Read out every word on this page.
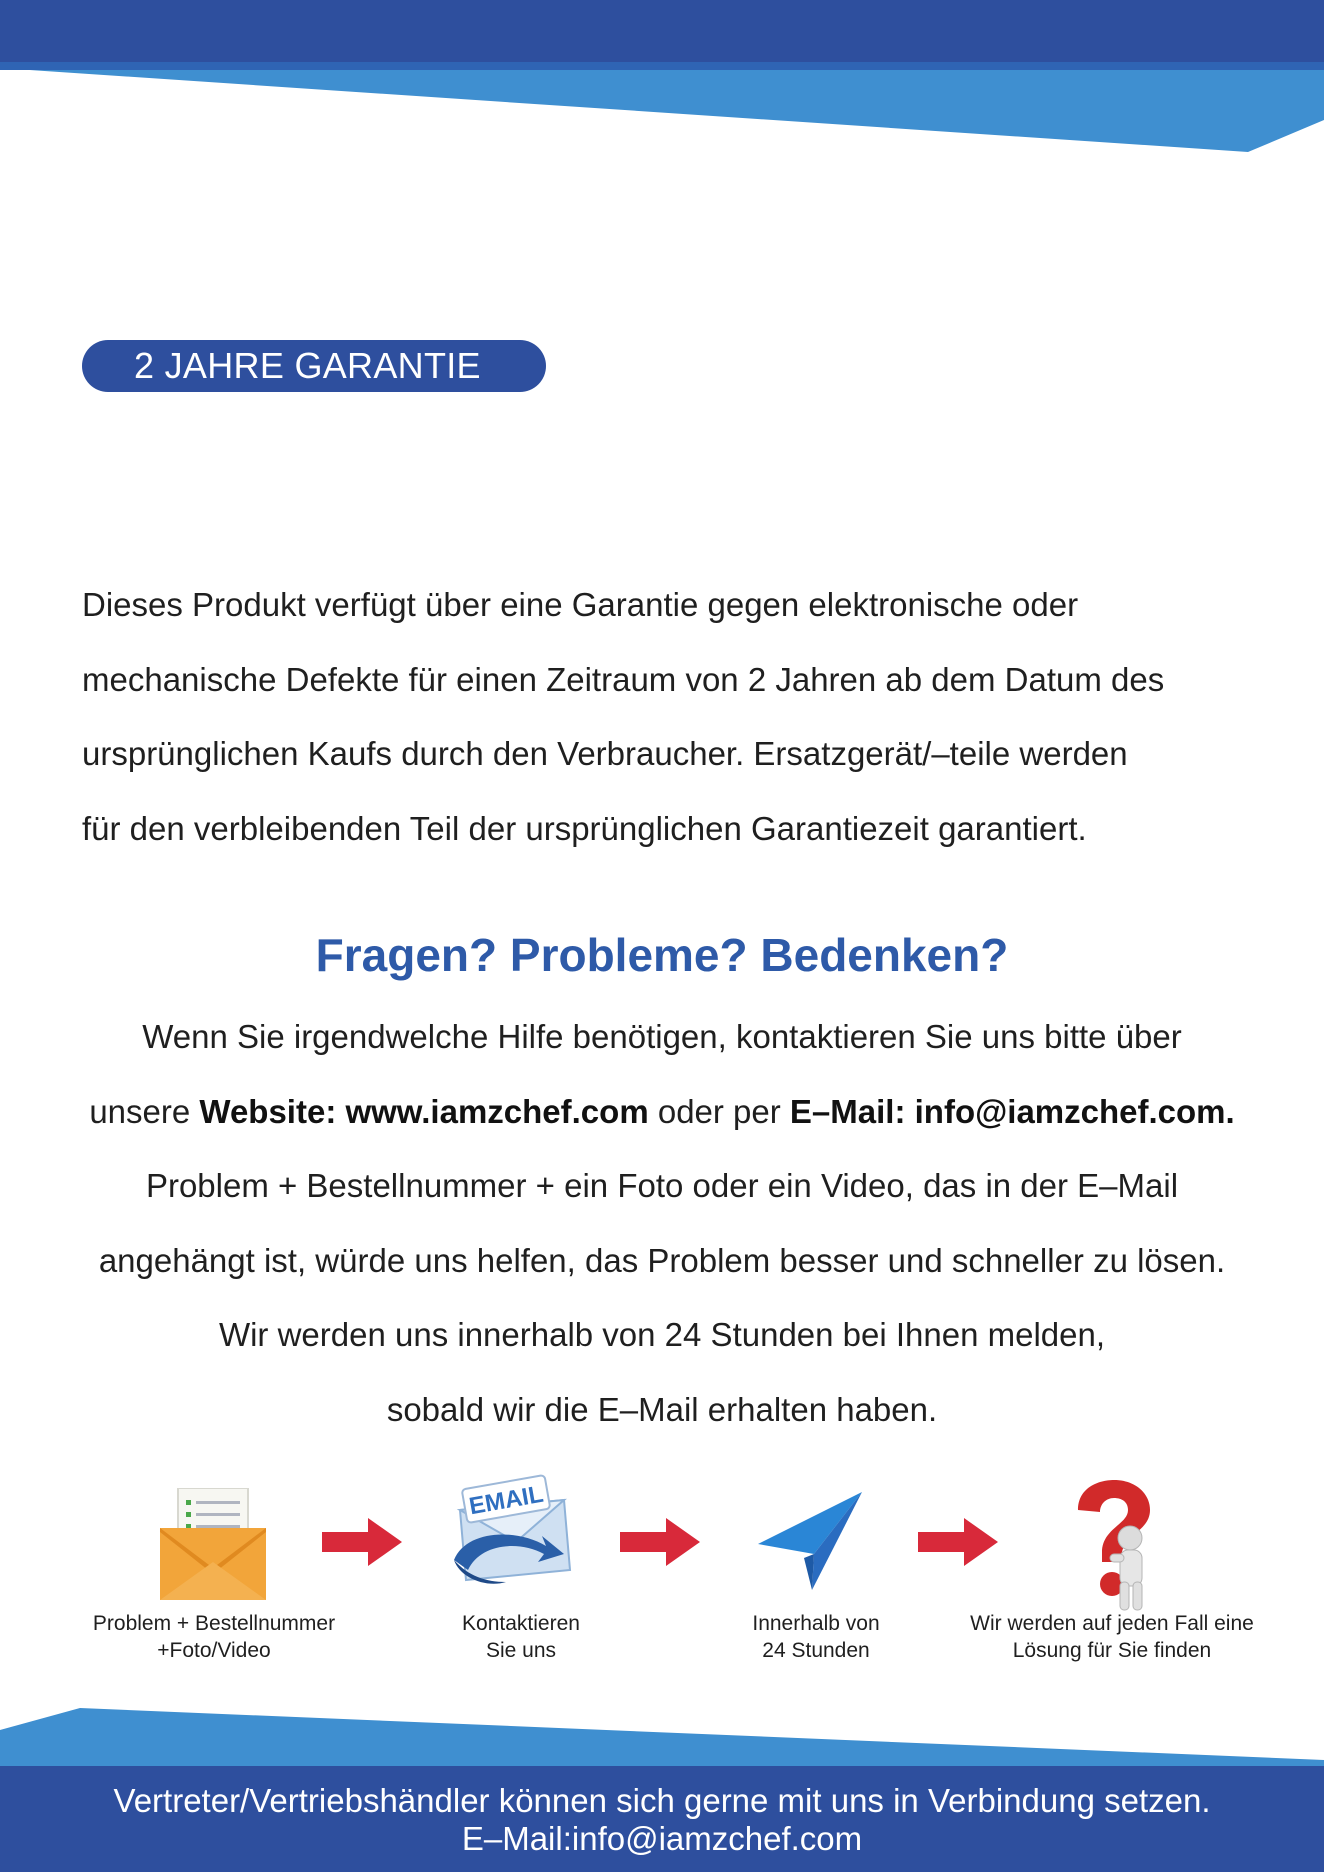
2 JAHRE GARANTIE

Dieses Produkt verfügt über eine Garantie gegen elektronische oder

mechanische Defekte für einen Zeitraum von 2 Jahren ab dem Datum des

ursprünglichen Kaufs durch den Verbraucher. Ersatzgerät/–teile werden

für den verbleibenden Teil der ursprünglichen Garantiezeit garantiert.

Fragen? Probleme? Bedenken?

Wenn Sie irgendwelche Hilfe benötigen, kontaktieren Sie uns bitte über

unsere Website: www.iamzchef.com oder per E–Mail: info@iamzchef.com.

Problem + Bestellnummer + ein Foto oder ein Video, das in der E–Mail

angehängt ist, würde uns helfen, das Problem besser und schneller zu lösen.

Wir werden uns innerhalb von 24 Stunden bei Ihnen melden,

sobald wir die E–Mail erhalten haben.

Problem + Bestellnummer
+Foto/Video
EMAIL
Kontaktieren
Sie uns
Innerhalb von
24 Stunden
Wir werden auf jeden Fall eine
Lösung für Sie finden

Vertreter/Vertriebshändler können sich gerne mit uns in Verbindung setzen.

E–Mail:info@iamzchef.com
